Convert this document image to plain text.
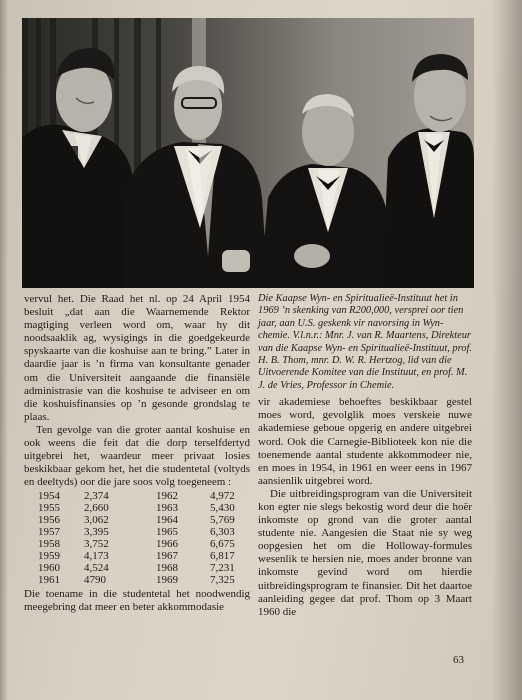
vervul het. Die Raad het nl. op 24 April 1954 besluit „dat aan die Waarnemende Rektor magtiging verleen word om, waar hy dit noodsaaklik ag, wysigings in die goedgekeurde spyskaarte van die koshuise aan te bring.” Later in daardie jaar is ’n firma van konsultante genader om die Universiteit aangaande die finansiële administrasie van die koshuise te adviseer en om die koshuisfinansies op ’n gesonde grondslag te plaas.

Ten gevolge van die groter aantal koshuise en ook weens die feit dat die dorp terselfdertyd uitgebrei het, waardeur meer privaat losies beskikbaar gekom het, het die studentetal (voltyds en deeltyds) oor die jare soos volg toegeneem :

1954	2,374	1962	4,972
1955	2,660	1963	5,430
1956	3,062	1964	5,769
1957	3,395	1965	6,303
1958	3,752	1966	6,675
1959	4,173	1967	6,817
1960	4,524	1968	7,231
1961	4790	1969	7,325

Die toename in die studentetal het noodwendig meegebring dat meer en beter akkommodasie

Die Kaapse Wyn- en Spiritualieë-Instituut het in 1969 ’n skenking van R200,000, versprei oor tien jaar, aan U.S. geskenk vir navorsing in Wyn-chemie. V.l.n.r.: Mnr. J. van R. Maartens, Direkteur van die Kaapse Wyn- en Spiritualieë-Instituut, prof. H. B. Thom, mnr. D. W. R. Hertzog, lid van die Uitvoerende Komitee van die Instituut, en prof. M. J. de Vries, Professor in Chemie.

vir akademiese behoeftes beskikbaar gestel moes word, gevolglik moes verskeie nuwe akademiese geboue opgerig en andere uitgebrei word. Ook die Carnegie-Biblioteek kon nie die toenemende aantal studente akkommodeer nie, en moes in 1954, in 1961 en weer eens in 1967 aansienlik uitgebrei word.

Die uitbreidingsprogram van die Universiteit kon egter nie slegs bekostig word deur die hoër inkomste op grond van die groter aantal studente nie. Aangesien die Staat nie sy weg oopgesien het om die Holloway-formules wesenlik te hersien nie, moes ander bronne van inkomste gevind word om hierdie uitbreidingsprogram te finansier. Dit het daartoe aanleiding gegee dat prof. Thom op 3 Maart 1960 die

63
